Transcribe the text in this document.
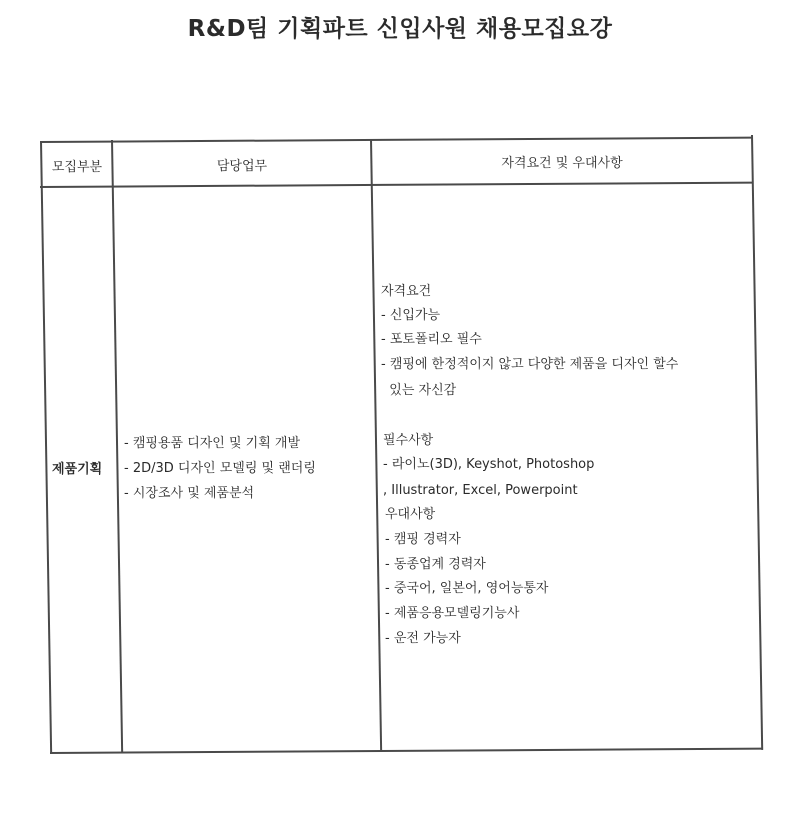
R&D팀 기획파트 신입사원 채용모집요강
모집부분	담당업무	자격요건 및 우대사항
제품기획
- 캠핑용품 디자인 및 기획 개발
- 2D/3D 디자인 모델링 및 랜더링
- 시장조사 및 제품분석
자격요건
- 신입가능
- 포토폴리오 필수
- 캠핑에 한정적이지 않고 다양한 제품을 디자인 할수
있는 자신감
필수사항
- 라이노(3D), Keyshot, Photoshop
, Illustrator, Excel, Powerpoint
우대사항
- 캠핑 경력자
- 동종업계 경력자
- 중국어, 일본어, 영어능통자
- 제품응용모델링기능사
- 운전 가능자
